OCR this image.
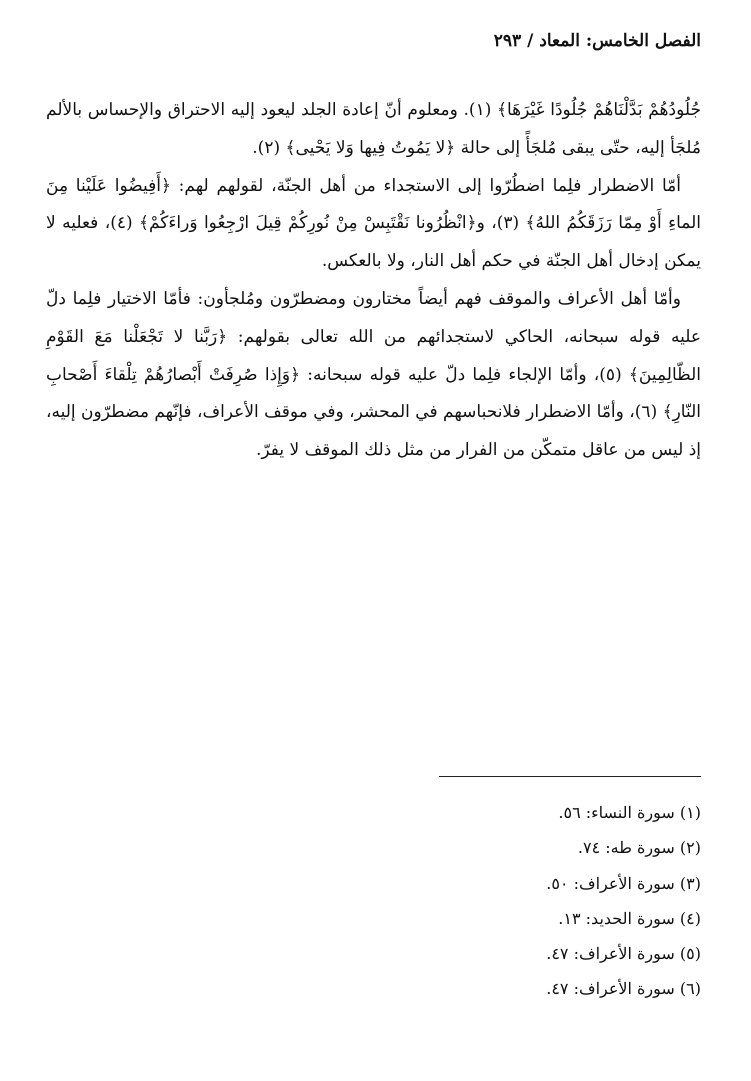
الفصل الخامس: المعاد / ٢٩٣

جُلُودُهُمْ بَدَّلْنَاهُمْ جُلُودًا غَيْرَهَا﴾ (١). ومعلوم أنّ إعادة الجلد ليعود إليه الاحتراق والإحساس بالألم مُلجَأ إليه، حتّى يبقى مُلجَأً إلى حالة ﴿لا يَمُوتُ فِيها وَلا يَحْيى﴾ (٢).

أمّا الاضطرار فلِما اضطُرّوا إلى الاستجداء من أهل الجنّة، لقولهم لهم: ﴿أَفِيضُوا عَلَيْنا مِنَ الماءِ أَوْ مِمّا رَزَقَكُمُ اللهُ﴾ (٣)، و﴿انْظُرُونا نَقْتَبِسْ مِنْ نُورِكُمْ قِيلَ ارْجِعُوا وَراءَكُمْ﴾ (٤)، فعليه لا يمكن إدخال أهل الجنّة في حكم أهل النار، ولا بالعكس.

وأمّا أهل الأعراف والموقف فهم أيضاً مختارون ومضطرّون ومُلجأون: فأمّا الاختيار فلِما دلّ عليه قوله سبحانه، الحاكي لاستجدائهم من الله تعالى بقولهم: ﴿رَبَّنا لا تَجْعَلْنا مَعَ القَوْمِ الظّالِمِينَ﴾ (٥)، وأمّا الإلجاء فلِما دلّ عليه قوله سبحانه: ﴿وَإِذا صُرِفَتْ أَبْصارُهُمْ تِلْقاءَ أَصْحابِ النّارِ﴾ (٦)، وأمّا الاضطرار فلانحباسهم في المحشر، وفي موقف الأعراف، فإنّهم مضطرّون إليه، إذ ليس من عاقل متمكّن من الفرار من مثل ذلك الموقف لا يفرّ.

(١) سورة النساء: ٥٦.
(٢) سورة طه: ٧٤.
(٣) سورة الأعراف: ٥٠.
(٤) سورة الحديد: ١٣.
(٥) سورة الأعراف: ٤٧.
(٦) سورة الأعراف: ٤٧.
